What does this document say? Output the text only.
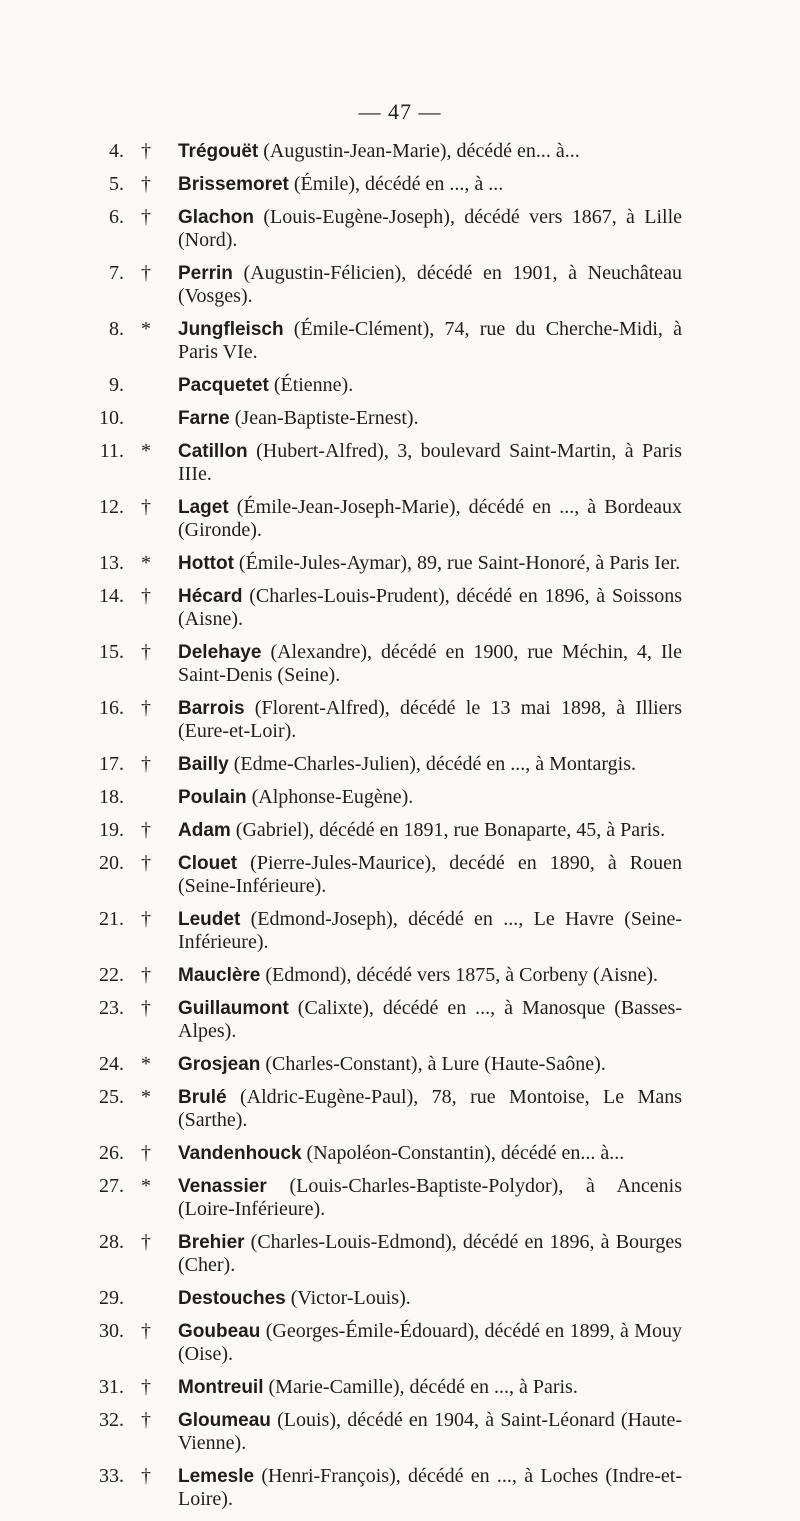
— 47 —
4. † Trégouët (Augustin-Jean-Marie), décédé en... à...
5. † Brissemoret (Émile), décédé en ..., à ...
6. † Glachon (Louis-Eugène-Joseph), décédé vers 1867, à Lille (Nord).
7. † Perrin (Augustin-Félicien), décédé en 1901, à Neuchâteau (Vosges).
8. * Jungfleisch (Émile-Clément), 74, rue du Cherche-Midi, à Paris VIe.
9.	Pacquetet (Étienne).
10.	Farne (Jean-Baptiste-Ernest).
11. * Catillon (Hubert-Alfred), 3, boulevard Saint-Martin, à Paris IIIe.
12. † Laget (Émile-Jean-Joseph-Marie), décédé en ..., à Bordeaux (Gironde).
13. * Hottot (Émile-Jules-Aymar), 89, rue Saint-Honoré, à Paris Ier.
14. † Hécard (Charles-Louis-Prudent), décédé en 1896, à Soissons (Aisne).
15. † Delehaye (Alexandre), décédé en 1900, rue Méchin, 4, Ile Saint-Denis (Seine).
16. † Barrois (Florent-Alfred), décédé le 13 mai 1898, à Illiers (Eure-et-Loir).
17. † Bailly (Edme-Charles-Julien), décédé en ..., à Montargis.
18.	Poulain (Alphonse-Eugène).
19. † Adam (Gabriel), décédé en 1891, rue Bonaparte, 45, à Paris.
20. † Clouet (Pierre-Jules-Maurice), decédé en 1890, à Rouen (Seine-Inférieure).
21. † Leudet (Edmond-Joseph), décédé en ..., Le Havre (Seine-Inférieure).
22. † Mauclère (Edmond), décédé vers 1875, à Corbeny (Aisne).
23. † Guillaumont (Calixte), décédé en ..., à Manosque (Basses-Alpes).
24. * Grosjean (Charles-Constant), à Lure (Haute-Saône).
25. * Brulé (Aldric-Eugène-Paul), 78, rue Montoise, Le Mans (Sarthe).
26. † Vandenhouck (Napoléon-Constantin), décédé en... à...
27. * Venassier (Louis-Charles-Baptiste-Polydor), à Ancenis (Loire-Inférieure).
28. † Brehier (Charles-Louis-Edmond), décédé en 1896, à Bourges (Cher).
29.	Destouches (Victor-Louis).
30. † Goubeau (Georges-Émile-Édouard), décédé en 1899, à Mouy (Oise).
31. † Montreuil (Marie-Camille), décédé en ..., à Paris.
32. † Gloumeau (Louis), décédé en 1904, à Saint-Léonard (Haute-Vienne).
33. † Lemesle (Henri-François), décédé en ..., à Loches (Indre-et-Loire).
